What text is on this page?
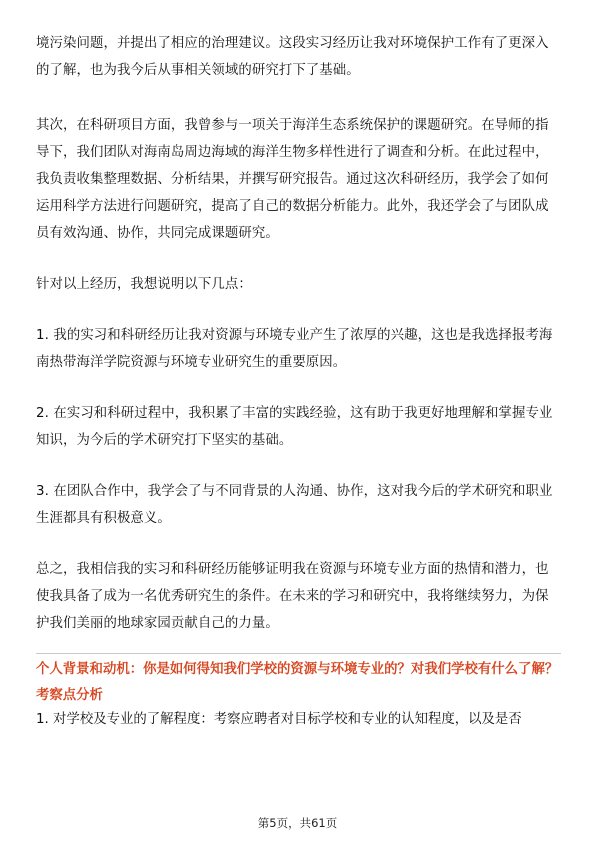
境污染问题，并提出了相应的治理建议。这段实习经历让我对环境保护工作有了更深入的了解，也为我今后从事相关领域的研究打下了基础。

其次，在科研项目方面，我曾参与一项关于海洋生态系统保护的课题研究。在导师的指导下，我们团队对海南岛周边海域的海洋生物多样性进行了调查和分析。在此过程中，我负责收集整理数据、分析结果，并撰写研究报告。通过这次科研经历，我学会了如何运用科学方法进行问题研究，提高了自己的数据分析能力。此外，我还学会了与团队成员有效沟通、协作，共同完成课题研究。

针对以上经历，我想说明以下几点：

1. 我的实习和科研经历让我对资源与环境专业产生了浓厚的兴趣，这也是我选择报考海南热带海洋学院资源与环境专业研究生的重要原因。

2. 在实习和科研过程中，我积累了丰富的实践经验，这有助于我更好地理解和掌握专业知识，为今后的学术研究打下坚实的基础。

3. 在团队合作中，我学会了与不同背景的人沟通、协作，这对我今后的学术研究和职业生涯都具有积极意义。

总之，我相信我的实习和科研经历能够证明我在资源与环境专业方面的热情和潜力，也使我具备了成为一名优秀研究生的条件。在未来的学习和研究中，我将继续努力，为保护我们美丽的地球家园贡献自己的力量。

个人背景和动机：你是如何得知我们学校的资源与环境专业的？对我们学校有什么了解？
考察点分析
1. 对学校及专业的了解程度：考察应聘者对目标学校和专业的认知程度，以及是否
第5页，共61页
